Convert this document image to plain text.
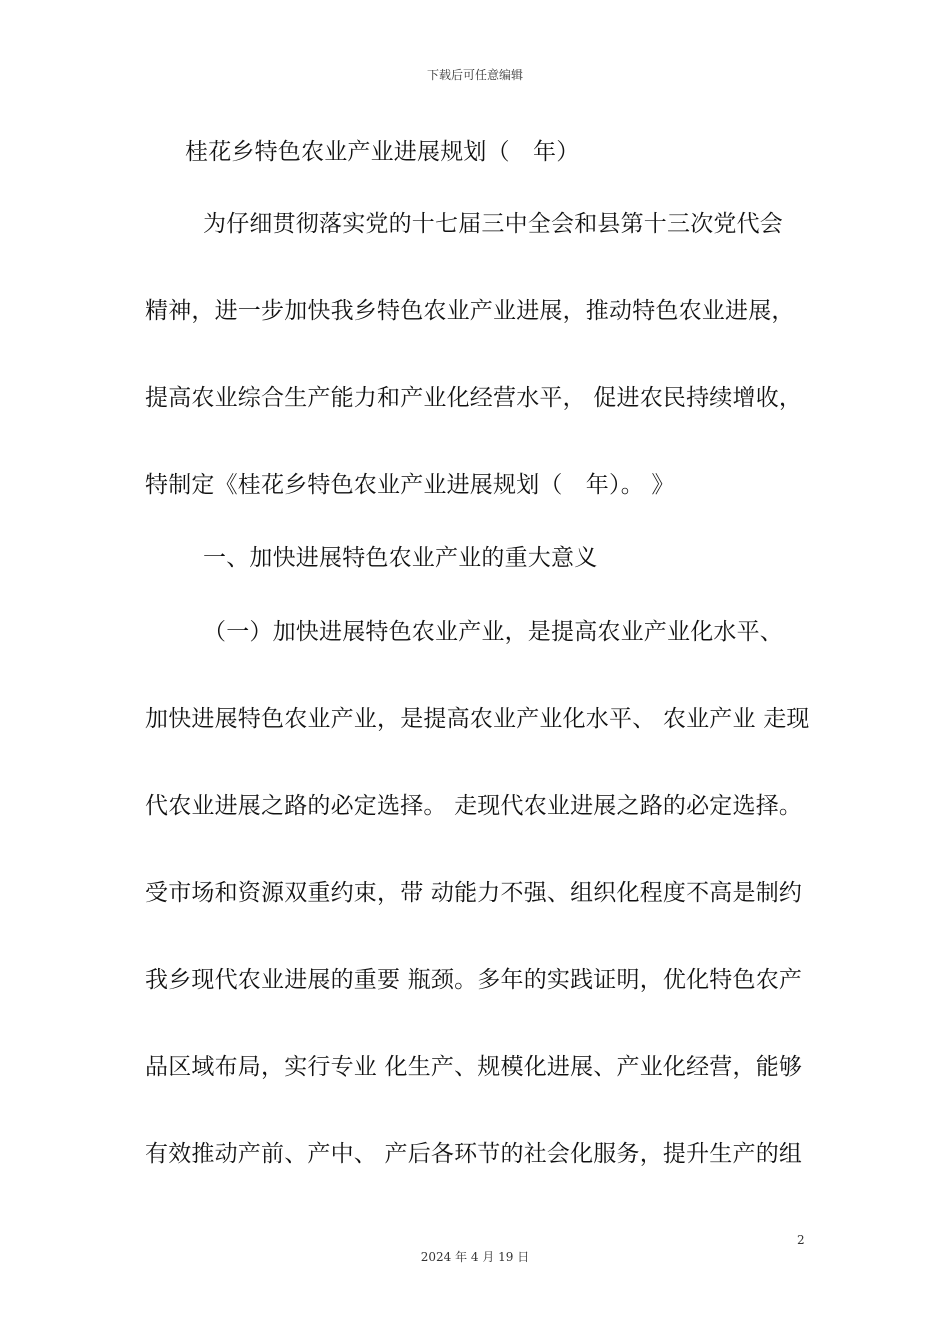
下载后可任意编辑
桂花乡特色农业产业进展规划（　年）
为仔细贯彻落实党的十七届三中全会和县第十三次党代会
精神，进一步加快我乡特色农业产业进展，推动特色农业进展，
提高农业综合生产能力和产业化经营水平， 促进农民持续增收，
特制定《桂花乡特色农业产业进展规划（　年）。 》
一、加快进展特色农业产业的重大意义
（一）加快进展特色农业产业，是提高农业产业化水平、
加快进展特色农业产业，是提高农业产业化水平、 农业产业 走现
代农业进展之路的必定选择。 走现代农业进展之路的必定选择。
受市场和资源双重约束，带 动能力不强、组织化程度不高是制约
我乡现代农业进展的重要 瓶颈。多年的实践证明，优化特色农产
品区域布局，实行专业 化生产、规模化进展、产业化经营，能够
有效推动产前、产中、 产后各环节的社会化服务，提升生产的组
2
2024 年 4 月 19 日
